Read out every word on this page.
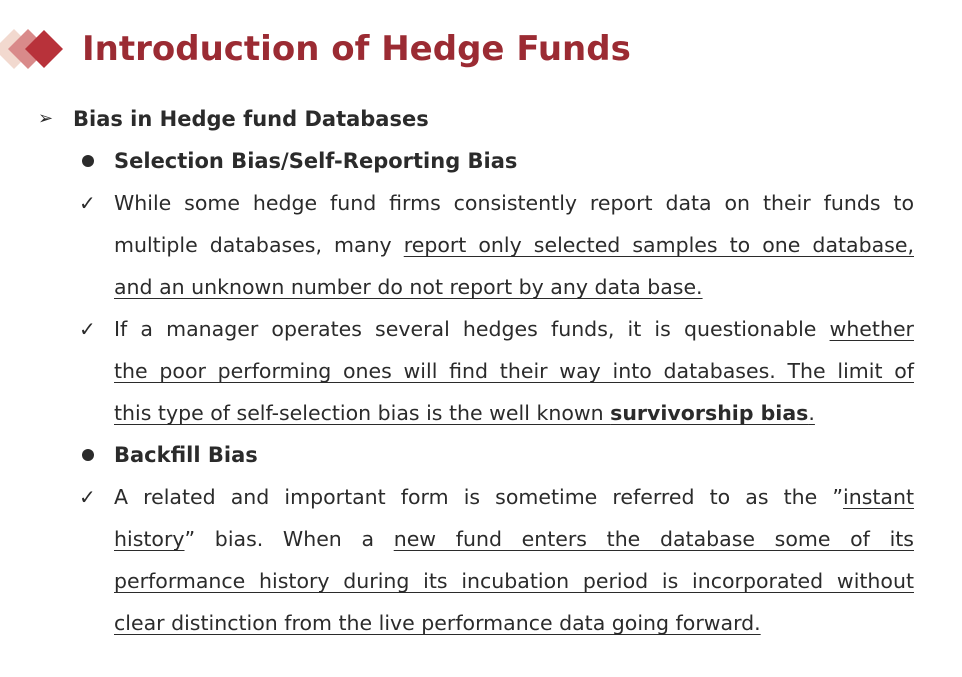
Introduction of Hedge Funds
➢ Bias in Hedge fund Databases
Selection Bias/Self-Reporting Bias
✓ While some hedge fund firms consistently report data on their funds to
multiple databases, many report only selected samples to one database,
and an unknown number do not report by any data base.
✓ If a manager operates several hedges funds, it is questionable whether
the poor performing ones will find their way into databases. The limit of
this type of self-selection bias is the well known survivorship bias.
Backfill Bias
✓ A related and important form is sometime referred to as the ”instant
history” bias. When a new fund enters the database some of its
performance history during its incubation period is incorporated without
clear distinction from the live performance data going forward.
